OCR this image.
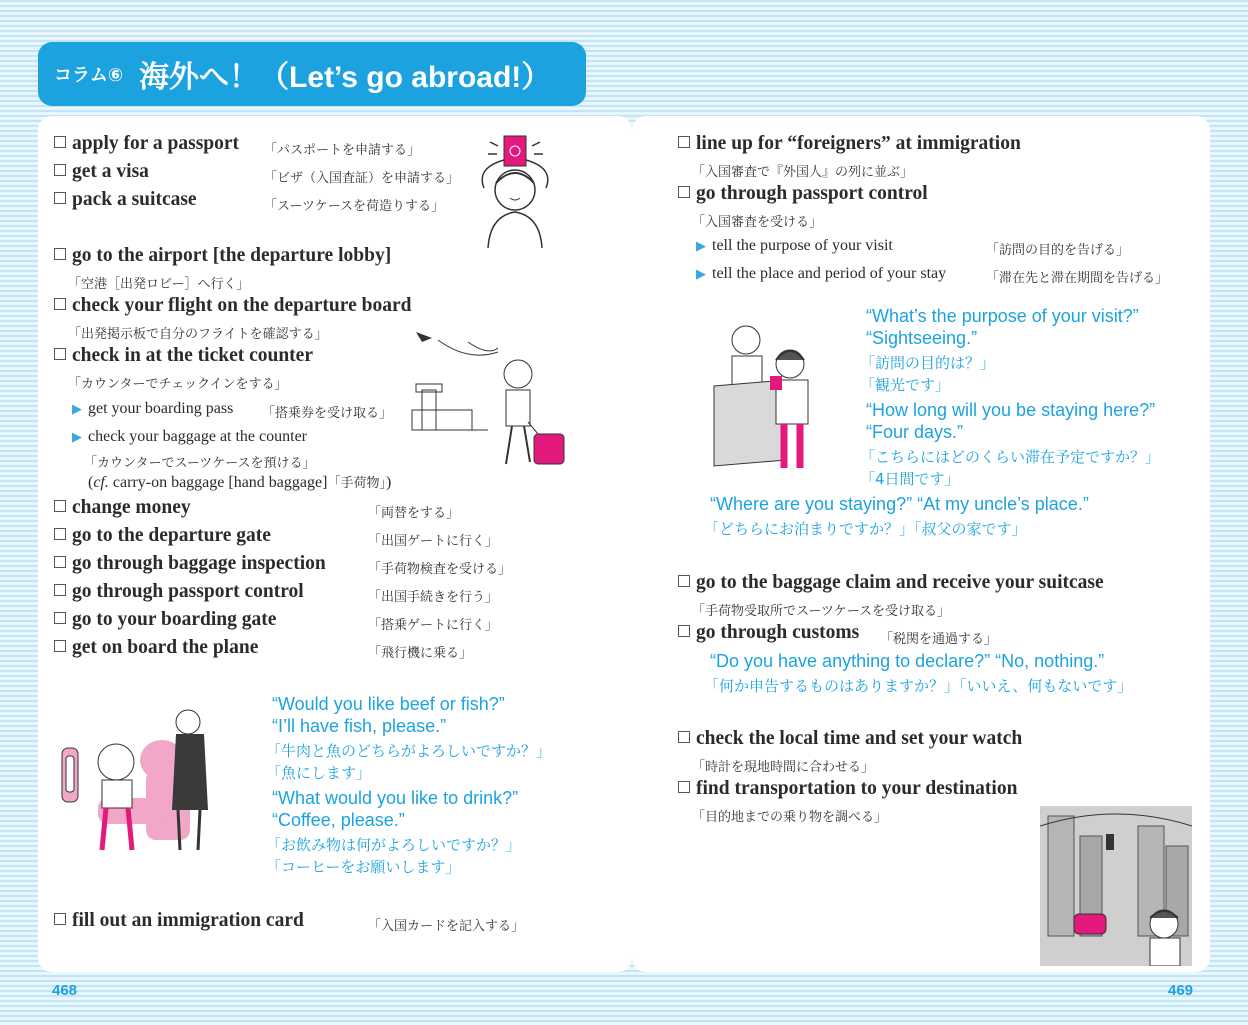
コラム⑥ 海外へ！（Let’s go abroad!）
apply for a passport 「パスポートを申請する」
get a visa	「ビザ（入国査証）を申請する」
pack a suitcase	「スーツケースを荷造りする」
go to the airport [the departure lobby]
「空港［出発ロビー］へ行く」
check your flight on the departure board
「出発掲示板で自分のフライトを確認する」
check in at the ticket counter
「カウンターでチェックインをする」
▶ get your boarding pass 「搭乗券を受け取る」
▶ check your baggage at the counter
「カウンターでスーツケースを預ける」
(cf. carry-on baggage [hand baggage]「手荷物」)
change money	「両替をする」
go to the departure gate	「出国ゲートに行く」
go through baggage inspection	「手荷物検査を受ける」
go through passport control	「出国手続きを行う」
go to your boarding gate	「搭乗ゲートに行く」
get on board the plane	「飛行機に乗る」
“Would you like beef or fish?”
“I’ll have fish, please.”
「牛肉と魚のどちらがよろしいですか？」
「魚にします」
“What would you like to drink?”
“Coffee, please.”
「お飲み物は何がよろしいですか？」
「コーヒーをお願いします」
fill out an immigration card	「入国カードを記入する」
line up for “foreigners” at immigration
「入国審査で『外国人』の列に並ぶ」
go through passport control
「入国審査を受ける」
▶ tell the purpose of your visit	「訪問の目的を告げる」
▶ tell the place and period of your stay	「滞在先と滞在期間を告げる」
“What’s the purpose of your visit?”
“Sightseeing.”
「訪問の目的は？」
「観光です」
“How long will you be staying here?”
“Four days.”
「こちらにはどのくらい滞在予定ですか？」
「4日間です」
“Where are you staying?” “At my uncle’s place.”
「どちらにお泊まりですか？」「叔父の家です」
go to the baggage claim and receive your suitcase
「手荷物受取所でスーツケースを受け取る」
go through customs 「税関を通過する」
“Do you have anything to declare?” “No, nothing.”
「何か申告するものはありますか？」「いいえ、何もないです」
check the local time and set your watch
「時計を現地時間に合わせる」
find transportation to your destination
「目的地までの乗り物を調べる」
468	469
